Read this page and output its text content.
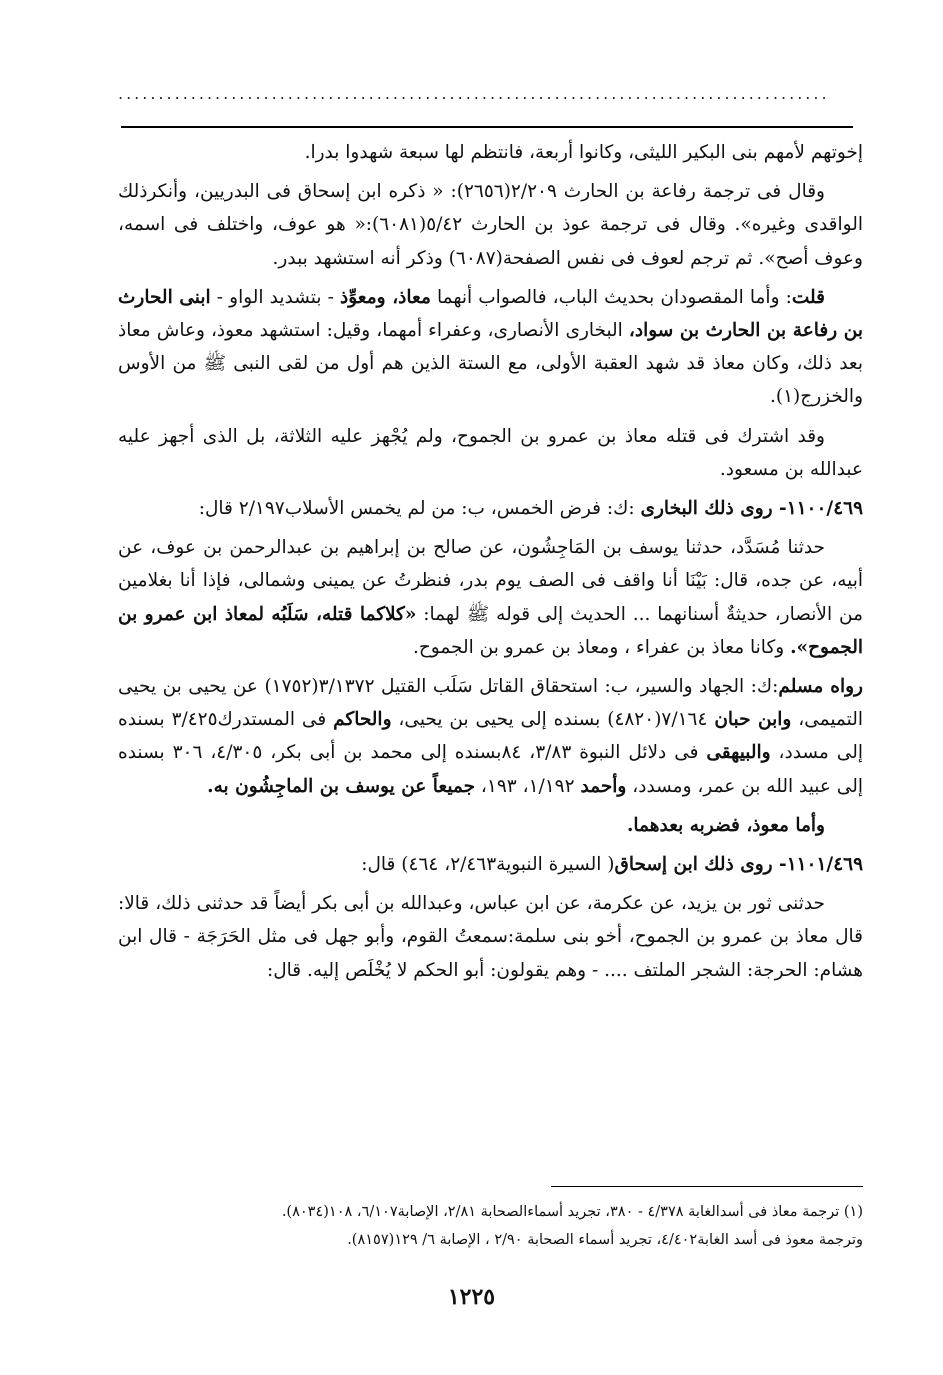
........................................................................................

إخوتهم لأمهم بنى البكير الليثى، وكانوا أربعة، فانتظم لها سبعة شهدوا بدرا.

وقال فى ترجمة رفاعة بن الحارث ٢/٢٠٩(٢٦٥٦): « ذكره ابن إسحاق فى البدريين، وأنكرذلك الواقدى وغيره». وقال فى ترجمة عوذ بن الحارث ٥/٤٢(٦٠٨١):« هو عوف، واختلف فى اسمه، وعوف أصح». ثم ترجم لعوف فى نفس الصفحة(٦٠٨٧) وذكر أنه استشهد ببدر.

قلت: وأما المقصودان بحديث الباب، فالصواب أنهما معاذ، ومعوِّذ - بتشديد الواو - ابنى الحارث بن رفاعة بن الحارث بن سواد، البخارى الأنصارى، وعفراء أمهما، وقيل: استشهد معوذ، وعاش معاذ بعد ذلك، وكان معاذ قد شهد العقبة الأولى، مع الستة الذين هم أول من لقى النبى ﷺ من الأوس والخزرج(١).

وقد اشترك فى قتله معاذ بن عمرو بن الجموح، ولم يُجْهز عليه الثلاثة، بل الذى أجهز عليه عبدالله بن مسعود.

١١٠٠/٤٦٩- روى ذلك البخارى :ك: فرض الخمس، ب: من لم يخمس الأسلاب٢/١٩٧ قال:

حدثنا مُسَدَّد، حدثنا يوسف بن المَاجِشُون، عن صالح بن إبراهيم بن عبدالرحمن بن عوف، عن أبيه، عن جده، قال: بَيْنَا أنا واقف فى الصف يوم بدر، فنظرتُ عن يمينى وشمالى، فإذا أنا بغلامين من الأنصار، حديثةٌ أسنانهما ... الحديث إلى قوله ﷺ لهما: «كلاكما قتله، سَلَبُه لمعاذ ابن عمرو بن الجموح». وكانا معاذ بن عفراء ، ومعاذ بن عمرو بن الجموح.

رواه مسلم:ك: الجهاد والسير، ب: استحقاق القاتل سَلَب القتيل ٣/١٣٧٢(١٧٥٢) عن يحيى بن يحيى التميمى، وابن حبان ٧/١٦٤(٤٨٢٠) بسنده إلى يحيى بن يحيى، والحاكم فى المستدرك٣/٤٢٥ بسنده إلى مسدد، والبيهقى فى دلائل النبوة ٣/٨٣، ٨٤بسنده إلى محمد بن أبى بكر، ٤/٣٠٥، ٣٠٦ بسنده إلى عبيد الله بن عمر، ومسدد، وأحمد ١/١٩٢، ١٩٣، جميعاً عن يوسف بن الماجِشُون به.

وأما معوذ، فضربه بعدهما.

١١٠١/٤٦٩- روى ذلك ابن إسحاق( السيرة النبوية٢/٤٦٣، ٤٦٤) قال:

حدثنى ثور بن يزيد، عن عكرمة، عن ابن عباس، وعبدالله بن أبى بكر أيضاً قد حدثنى ذلك، قالا: قال معاذ بن عمرو بن الجموح، أخو بنى سلمة:سمعتُ القوم، وأبو جهل فى مثل الحَرَجَة - قال ابن هشام: الحرجة: الشجر الملتف .... - وهم يقولون: أبو الحكم لا يُخْلَص إليه. قال:

(١) ترجمة معاذ فى أسدالغابة ٤/٣٧٨ - ٣٨٠، تجريد أسماءالصحابة ٢/٨١، الإصابة٦/١٠٧، ١٠٨(٨٠٣٤).

وترجمة معوذ فى أسد الغابة٤/٤٠٢، تجريد أسماء الصحابة ٢/٩٠ ، الإصابة ٦/ ١٢٩(٨١٥٧).

١٢٢٥
